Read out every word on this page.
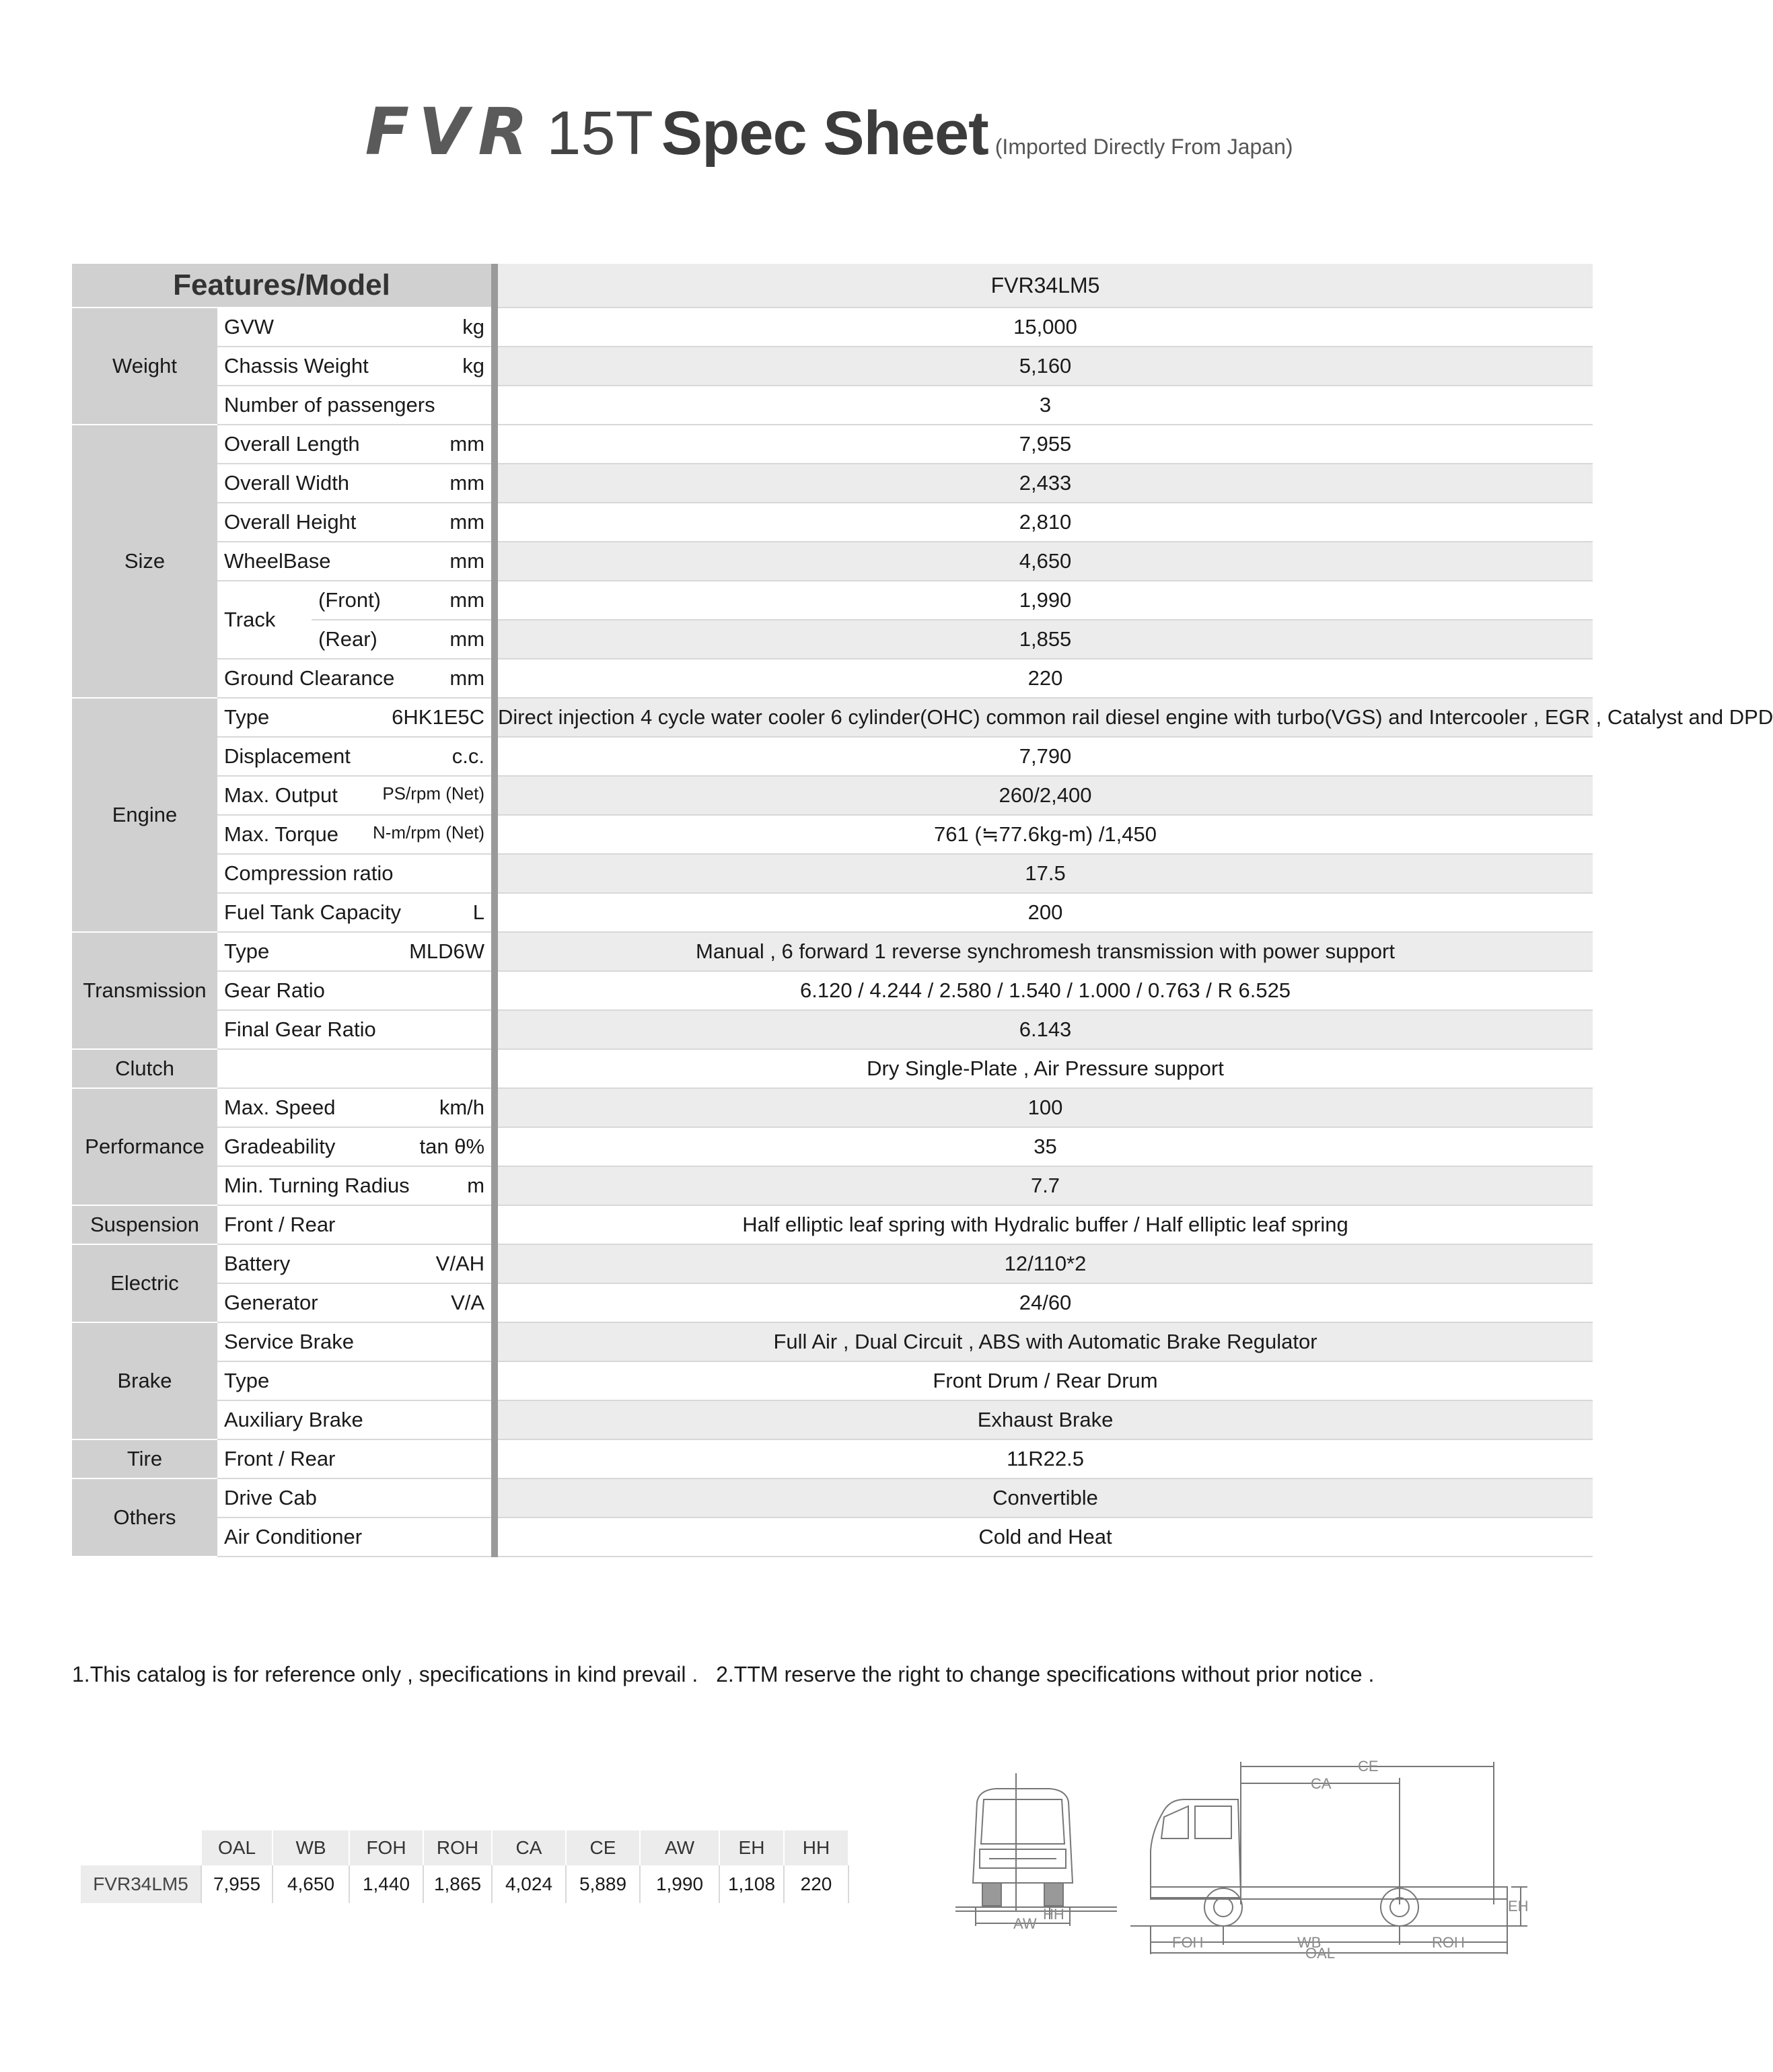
FVR 15T Spec Sheet (Imported Directly From Japan)
Features/Model			FVR34LM5
Weight	GVW kg		15,000

	Chassis Weight kg		5,160

	Number of passengers		3
Size	Overall Length mm		7,955

	Overall Width mm		2,433

	Overall Height mm		2,810

	WheelBase mm		4,650
	Track	(Front) mm	1,990

		(Rear) mm	1,855

	Ground Clearance mm		220
Engine	Type 6HK1E5C		Direct injection 4 cycle water cooler 6 cylinder(OHC) common rail diesel engine with turbo(VGS) and Intercooler , EGR , Catalyst and DPD

	Displacement c.c.		7,790

	Max. Output PS/rpm (Net)		260/2,400

	Max. Torque N-m/rpm (Net)		761 (≒77.6kg-m) /1,450

	Compression ratio		17.5

	Fuel Tank Capacity L		200
Transmission	Type MLD6W		Manual , 6 forward 1 reverse synchromesh transmission with power support

	Gear Ratio		6.120 / 4.244 / 2.580 / 1.540 / 1.000 / 0.763 / R 6.525

	Final Gear Ratio		6.143
Clutch			Dry Single-Plate , Air Pressure support
Performance	Max. Speed km/h		100

	Gradeability tan θ%		35

	Min. Turning Radius m		7.7
Suspension	Front / Rear		Half elliptic leaf spring with Hydralic buffer / Half elliptic leaf spring
Electric	Battery V/AH		12/110*2

	Generator V/A		24/60
Brake	Service Brake		Full Air , Dual Circuit , ABS with Automatic Brake Regulator

	Type		Front Drum / Rear Drum

	Auxiliary Brake		Exhaust Brake
Tire	Front / Rear		11R22.5
Others	Drive Cab		Convertible

	Air Conditioner		Cold and Heat
1.This catalog is for reference only , specifications in kind prevail . 2.TTM reserve the right to change specifications without prior notice .
	OAL	WB	FOH	ROH	CA	CE	AW	EH	HH
FVR34LM5	7,955	4,650	1,440	1,865	4,024	5,889	1,990	1,108	220
AW
HH
CE
CA
EH
FOH	WB	ROH
OAL
